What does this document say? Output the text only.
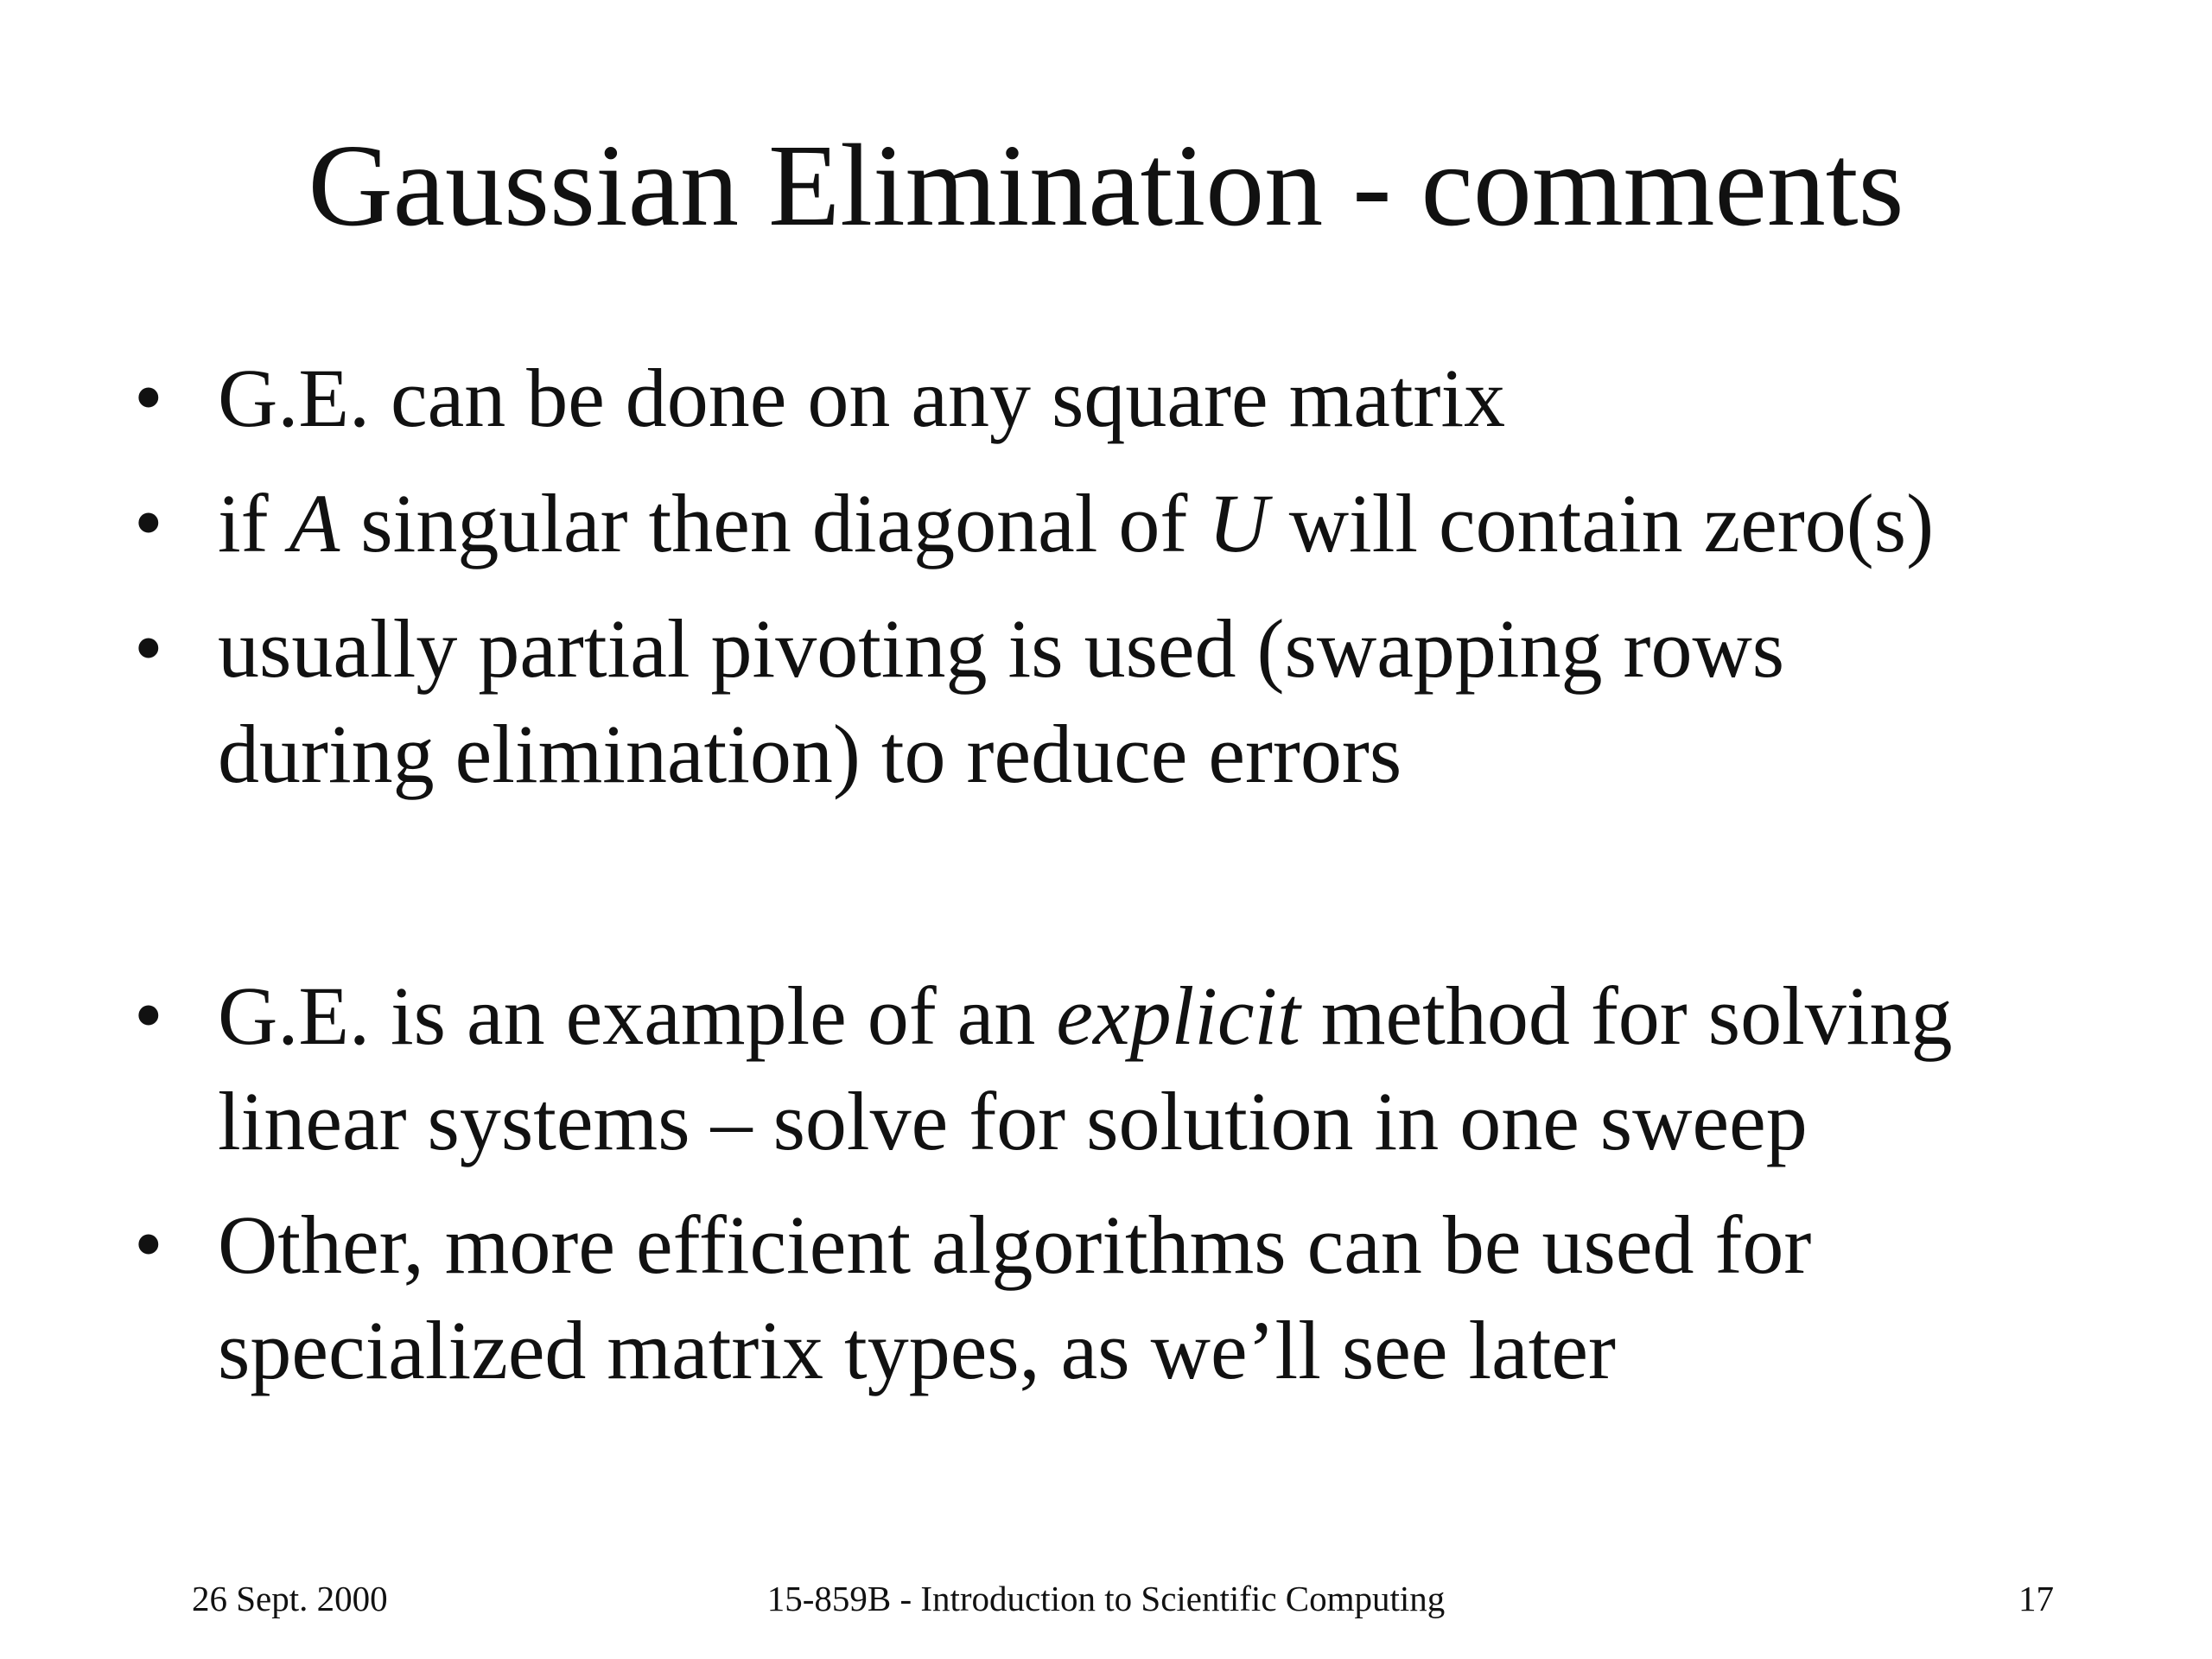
Gaussian Elimination - comments
• G.E. can be done on any square matrix
• if A singular then diagonal of U will contain zero(s)
• usually partial pivoting is used (swapping rows
during elimination) to reduce errors
• G.E. is an example of an explicit method for solving
linear systems – solve for solution in one sweep
• Other, more efficient algorithms can be used for
specialized matrix types, as we’ll see later
26 Sept. 2000	15-859B - Introduction to Scientific Computing	17
